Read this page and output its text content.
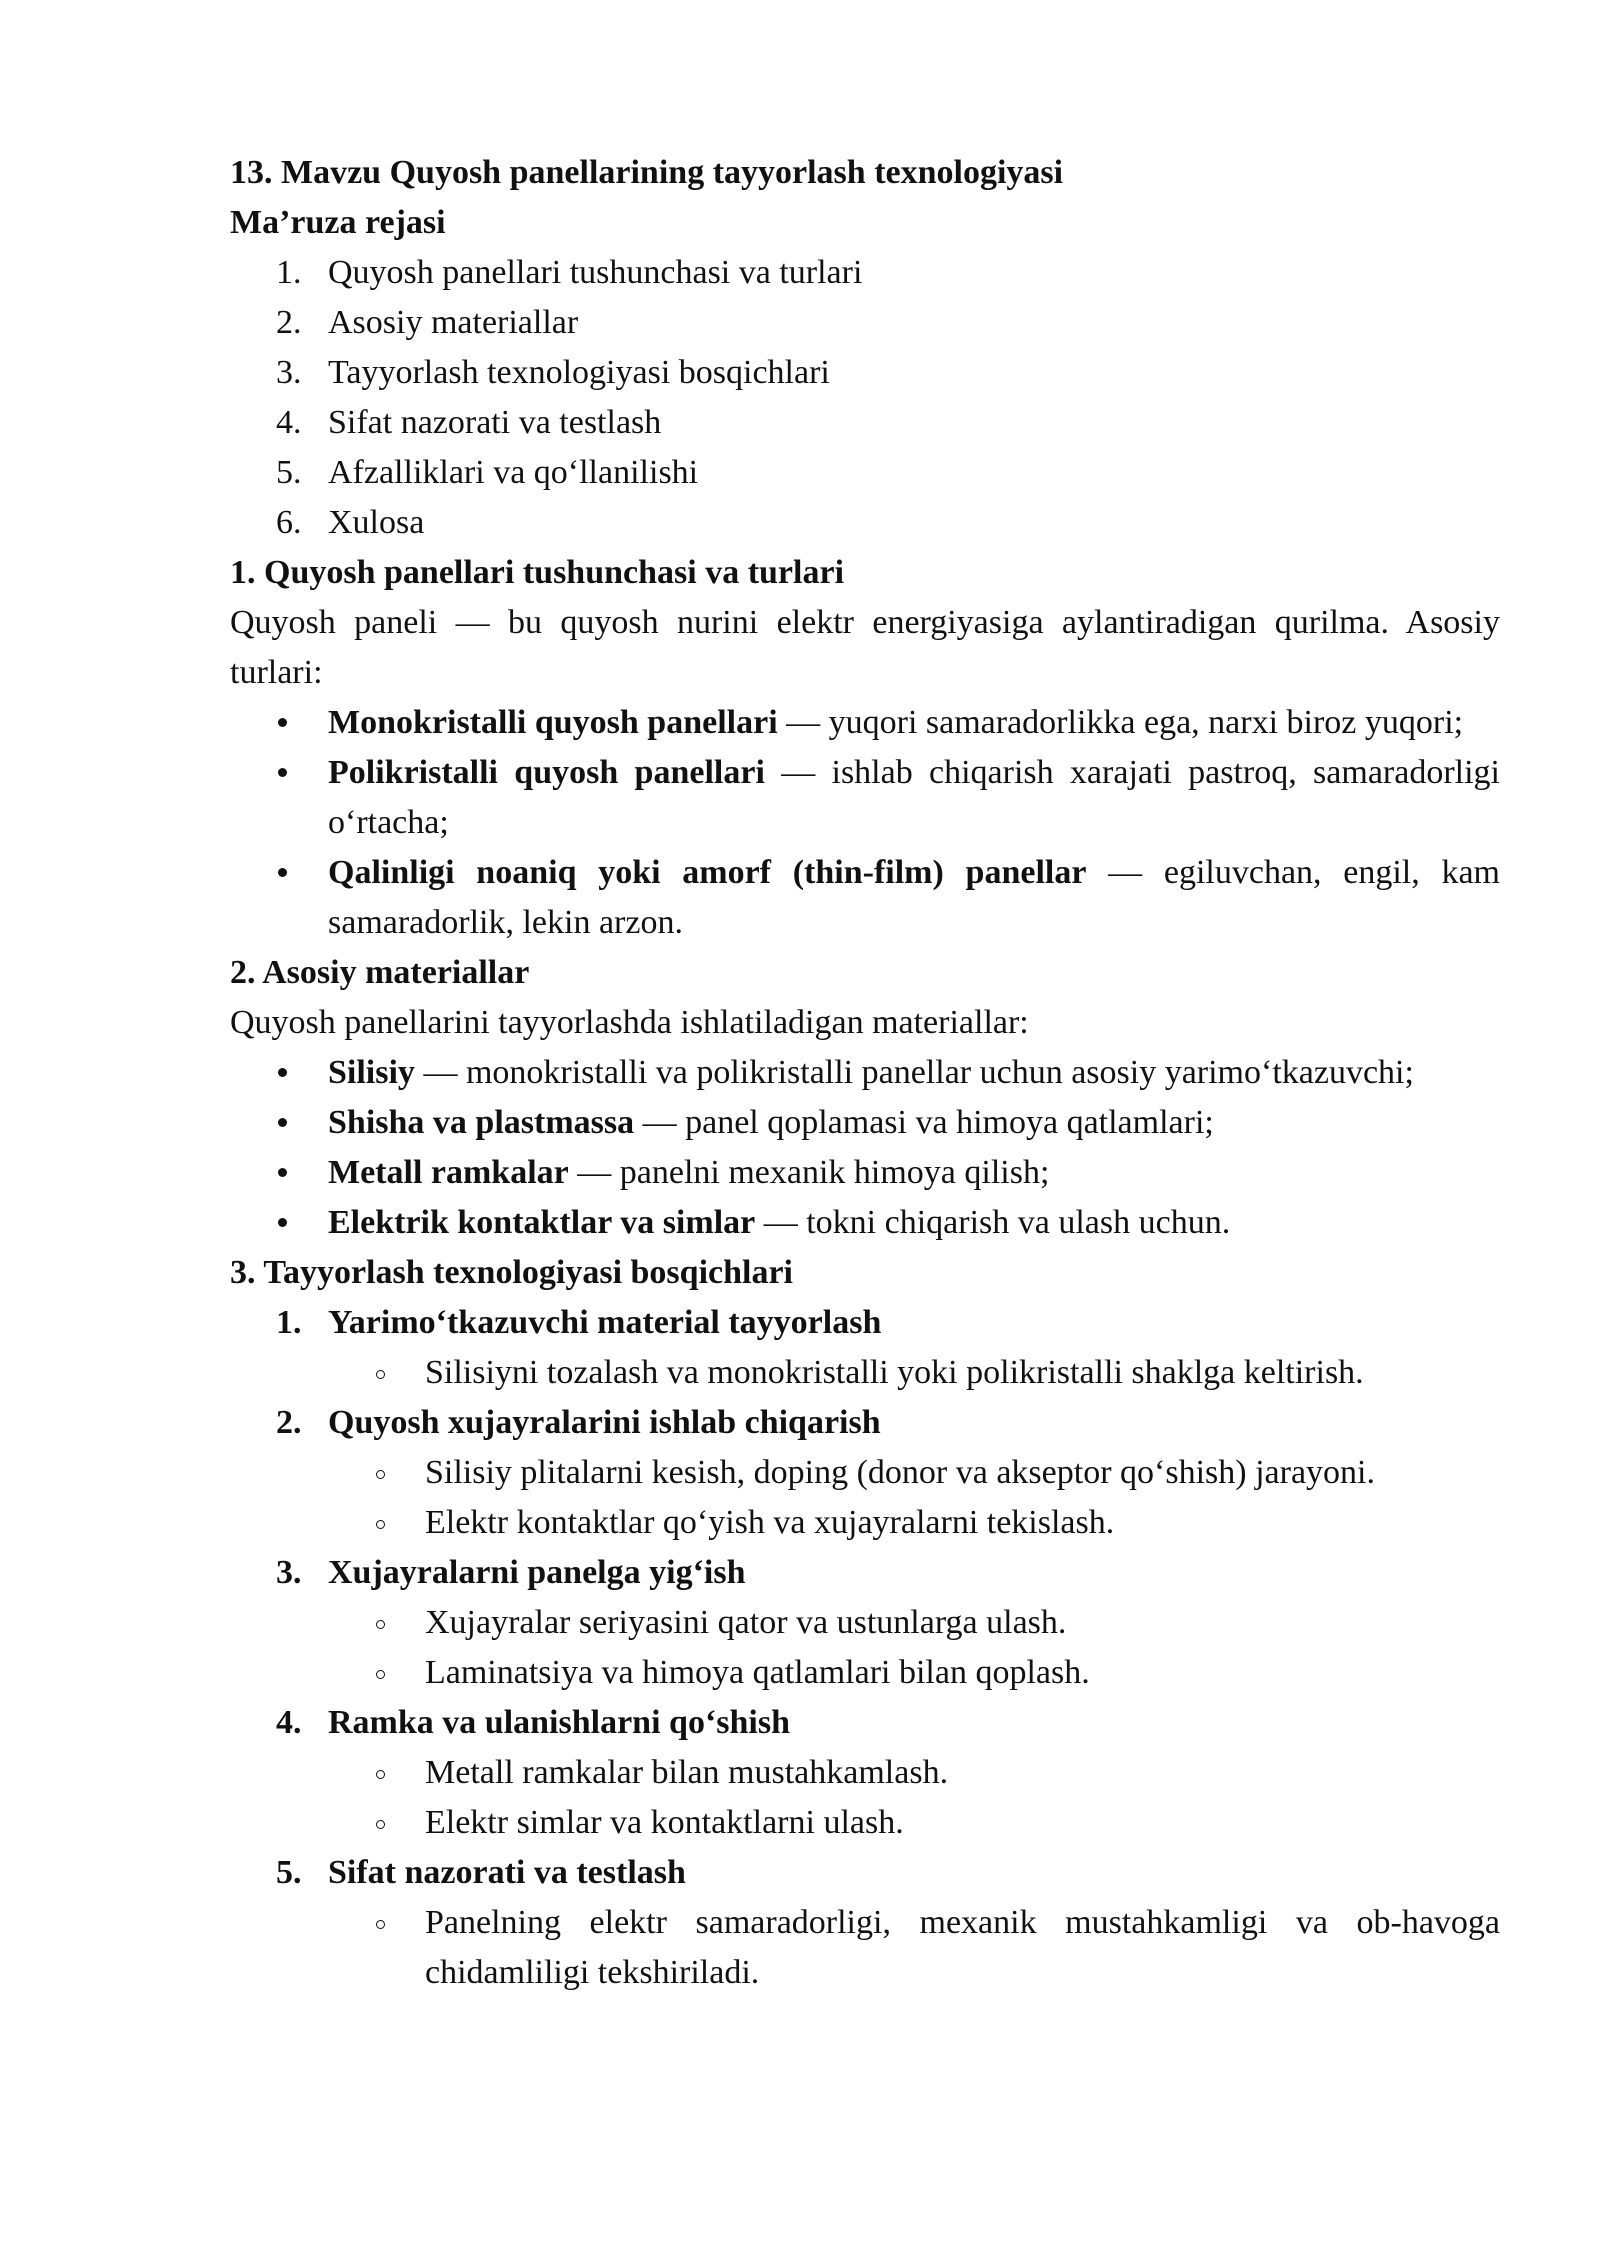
13. Mavzu Quyosh panellarining tayyorlash texnologiyasi
Ma’ruza rejasi
1. Quyosh panellari tushunchasi va turlari
2. Asosiy materiallar
3. Tayyorlash texnologiyasi bosqichlari
4. Sifat nazorati va testlash
5. Afzalliklari va qo‘llanilishi
6. Xulosa
1. Quyosh panellari tushunchasi va turlari
Quyosh paneli — bu quyosh nurini elektr energiyasiga aylantiradigan qurilma. Asosiy turlari:
Monokristalli quyosh panellari — yuqori samaradorlikka ega, narxi biroz yuqori;
Polikristalli quyosh panellari — ishlab chiqarish xarajati pastroq, samaradorligi o‘rtacha;
Qalinligi noaniq yoki amorf (thin-film) panellar — egiluvchan, engil, kam samaradorlik, lekin arzon.
2. Asosiy materiallar
Quyosh panellarini tayyorlashda ishlatiladigan materiallar:
Silisiy — monokristalli va polikristalli panellar uchun asosiy yarimo‘tkazuvchi;
Shisha va plastmassa — panel qoplamasi va himoya qatlamlari;
Metall ramkalar — panelni mexanik himoya qilish;
Elektrik kontaktlar va simlar — tokni chiqarish va ulash uchun.
3. Tayyorlash texnologiyasi bosqichlari
1. Yarimo‘tkazuvchi material tayyorlash
Silisiyni tozalash va monokristalli yoki polikristalli shaklga keltirish.
2. Quyosh xujayralarini ishlab chiqarish
Silisiy plitalarni kesish, doping (donor va akseptor qo‘shish) jarayoni.
Elektr kontaktlar qo‘yish va xujayralarni tekislash.
3. Xujayralarni panelga yig‘ish
Xujayralar seriyasini qator va ustunlarga ulash.
Laminatsiya va himoya qatlamlari bilan qoplash.
4. Ramka va ulanishlarni qo‘shish
Metall ramkalar bilan mustahkamlash.
Elektr simlar va kontaktlarni ulash.
5. Sifat nazorati va testlash
Panelning elektr samaradorligi, mexanik mustahkamligi va ob-havoga chidamliligi tekshiriladi.
